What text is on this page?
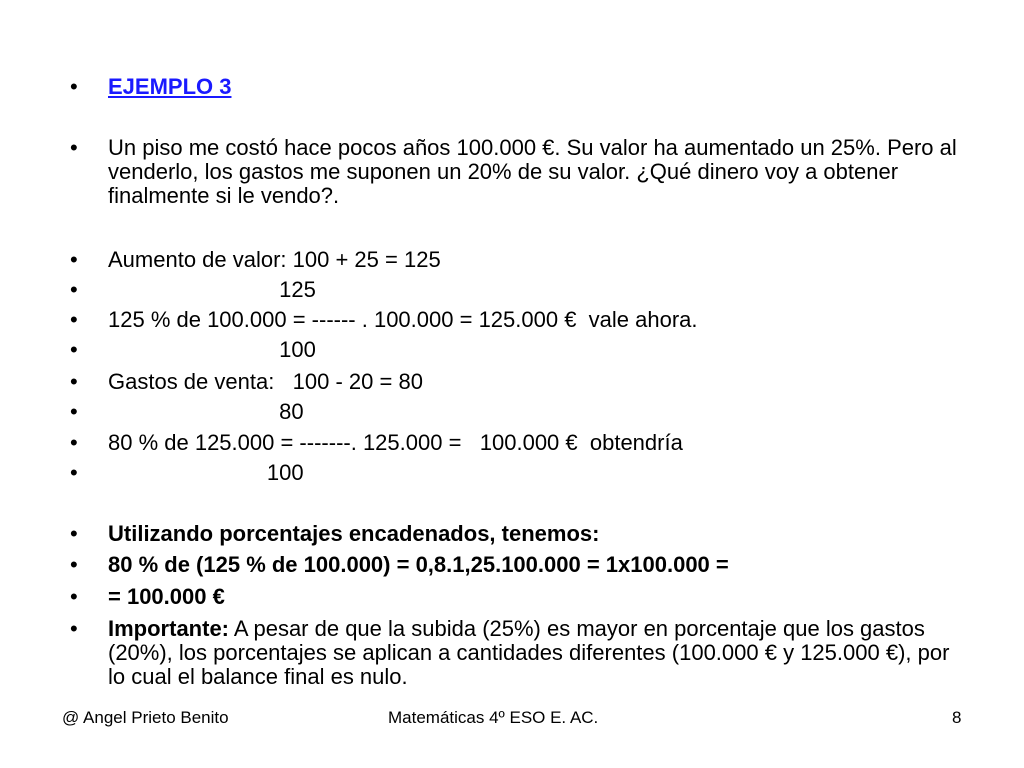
• EJEMPLO 3
• Un piso me costó hace pocos años 100.000 €. Su valor ha aumentado un 25%. Pero al venderlo, los gastos me suponen un 20% de su valor. ¿Qué dinero voy a obtener finalmente si le vendo?.
• Aumento de valor: 100 + 25 = 125
• 125
• 125 % de 100.000 = ------ . 100.000 = 125.000 €  vale ahora.
• 100
• Gastos de venta:   100 - 20 = 80
• 80
• 80 % de 125.000 = -------. 125.000 =   100.000 €  obtendría
• 100
• Utilizando porcentajes encadenados, tenemos:
• 80 % de (125 % de 100.000) = 0,8.1,25.100.000 = 1x100.000 =
• = 100.000 €
• Importante: A pesar de que la subida (25%) es mayor en porcentaje que los gastos (20%), los porcentajes se aplican a cantidades diferentes (100.000 € y 125.000 €), por lo cual el balance final es nulo.
@ Angel Prieto Benito	Matemáticas 4º ESO E. AC.	8
